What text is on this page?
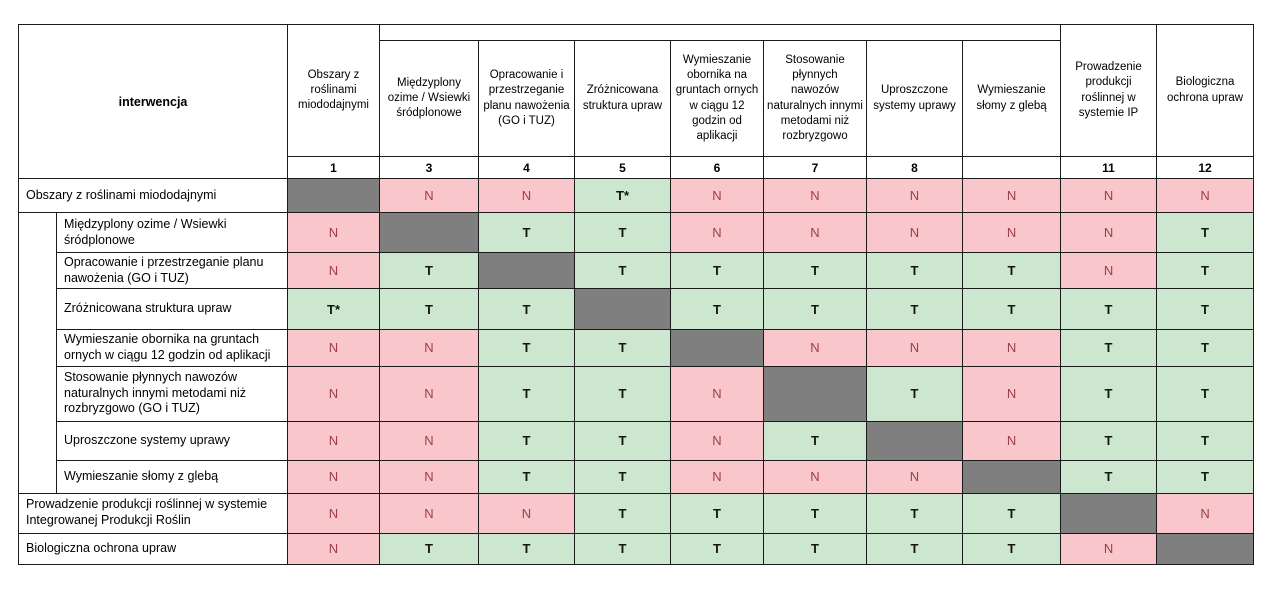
interwencja		Obszary z roślinami miododajnymi								Prowadzenie produkcji roślinnej w systemie IP	Biologiczna ochrona upraw
			Międzyplony ozime / Wsiewki śródplonowe	Opracowanie i przestrzeganie planu nawożenia (GO i TUZ)	Zróżnicowana struktura upraw	Wymieszanie obornika na gruntach ornych w ciągu 12 godzin od aplikacji	Stosowanie płynnych nawozów naturalnych innymi metodami niż rozbryzgowo	Uproszczone systemy uprawy	Wymieszanie słomy z glebą		
		1	3	4	5	6	7	8		11	12
Obszary z roślinami miododajnymi			N	N	T*	N	N	N	N	N	N
	Międzyplony ozime / Wsiewki śródplonowe	N		T	T	N	N	N	N	N	T
	Opracowanie i przestrzeganie planu nawożenia (GO i TUZ)	N	T		T	T	T	T	T	N	T
	Zróżnicowana struktura upraw	T*	T	T		T	T	T	T	T	T
	Wymieszanie obornika na gruntach ornych w ciągu 12 godzin od aplikacji	N	N	T	T		N	N	N	T	T
	Stosowanie płynnych nawozów naturalnych innymi metodami niż rozbryzgowo (GO i TUZ)	N	N	T	T	N		T	N	T	T
	Uproszczone systemy uprawy	N	N	T	T	N	T		N	T	T
	Wymieszanie słomy z glebą	N	N	T	T	N	N	N		T	T
Prowadzenie produkcji roślinnej w systemie Integrowanej Produkcji Roślin		N	N	N	T	T	T	T	T		N
Biologiczna ochrona upraw		N	T	T	T	T	T	T	T	N	
